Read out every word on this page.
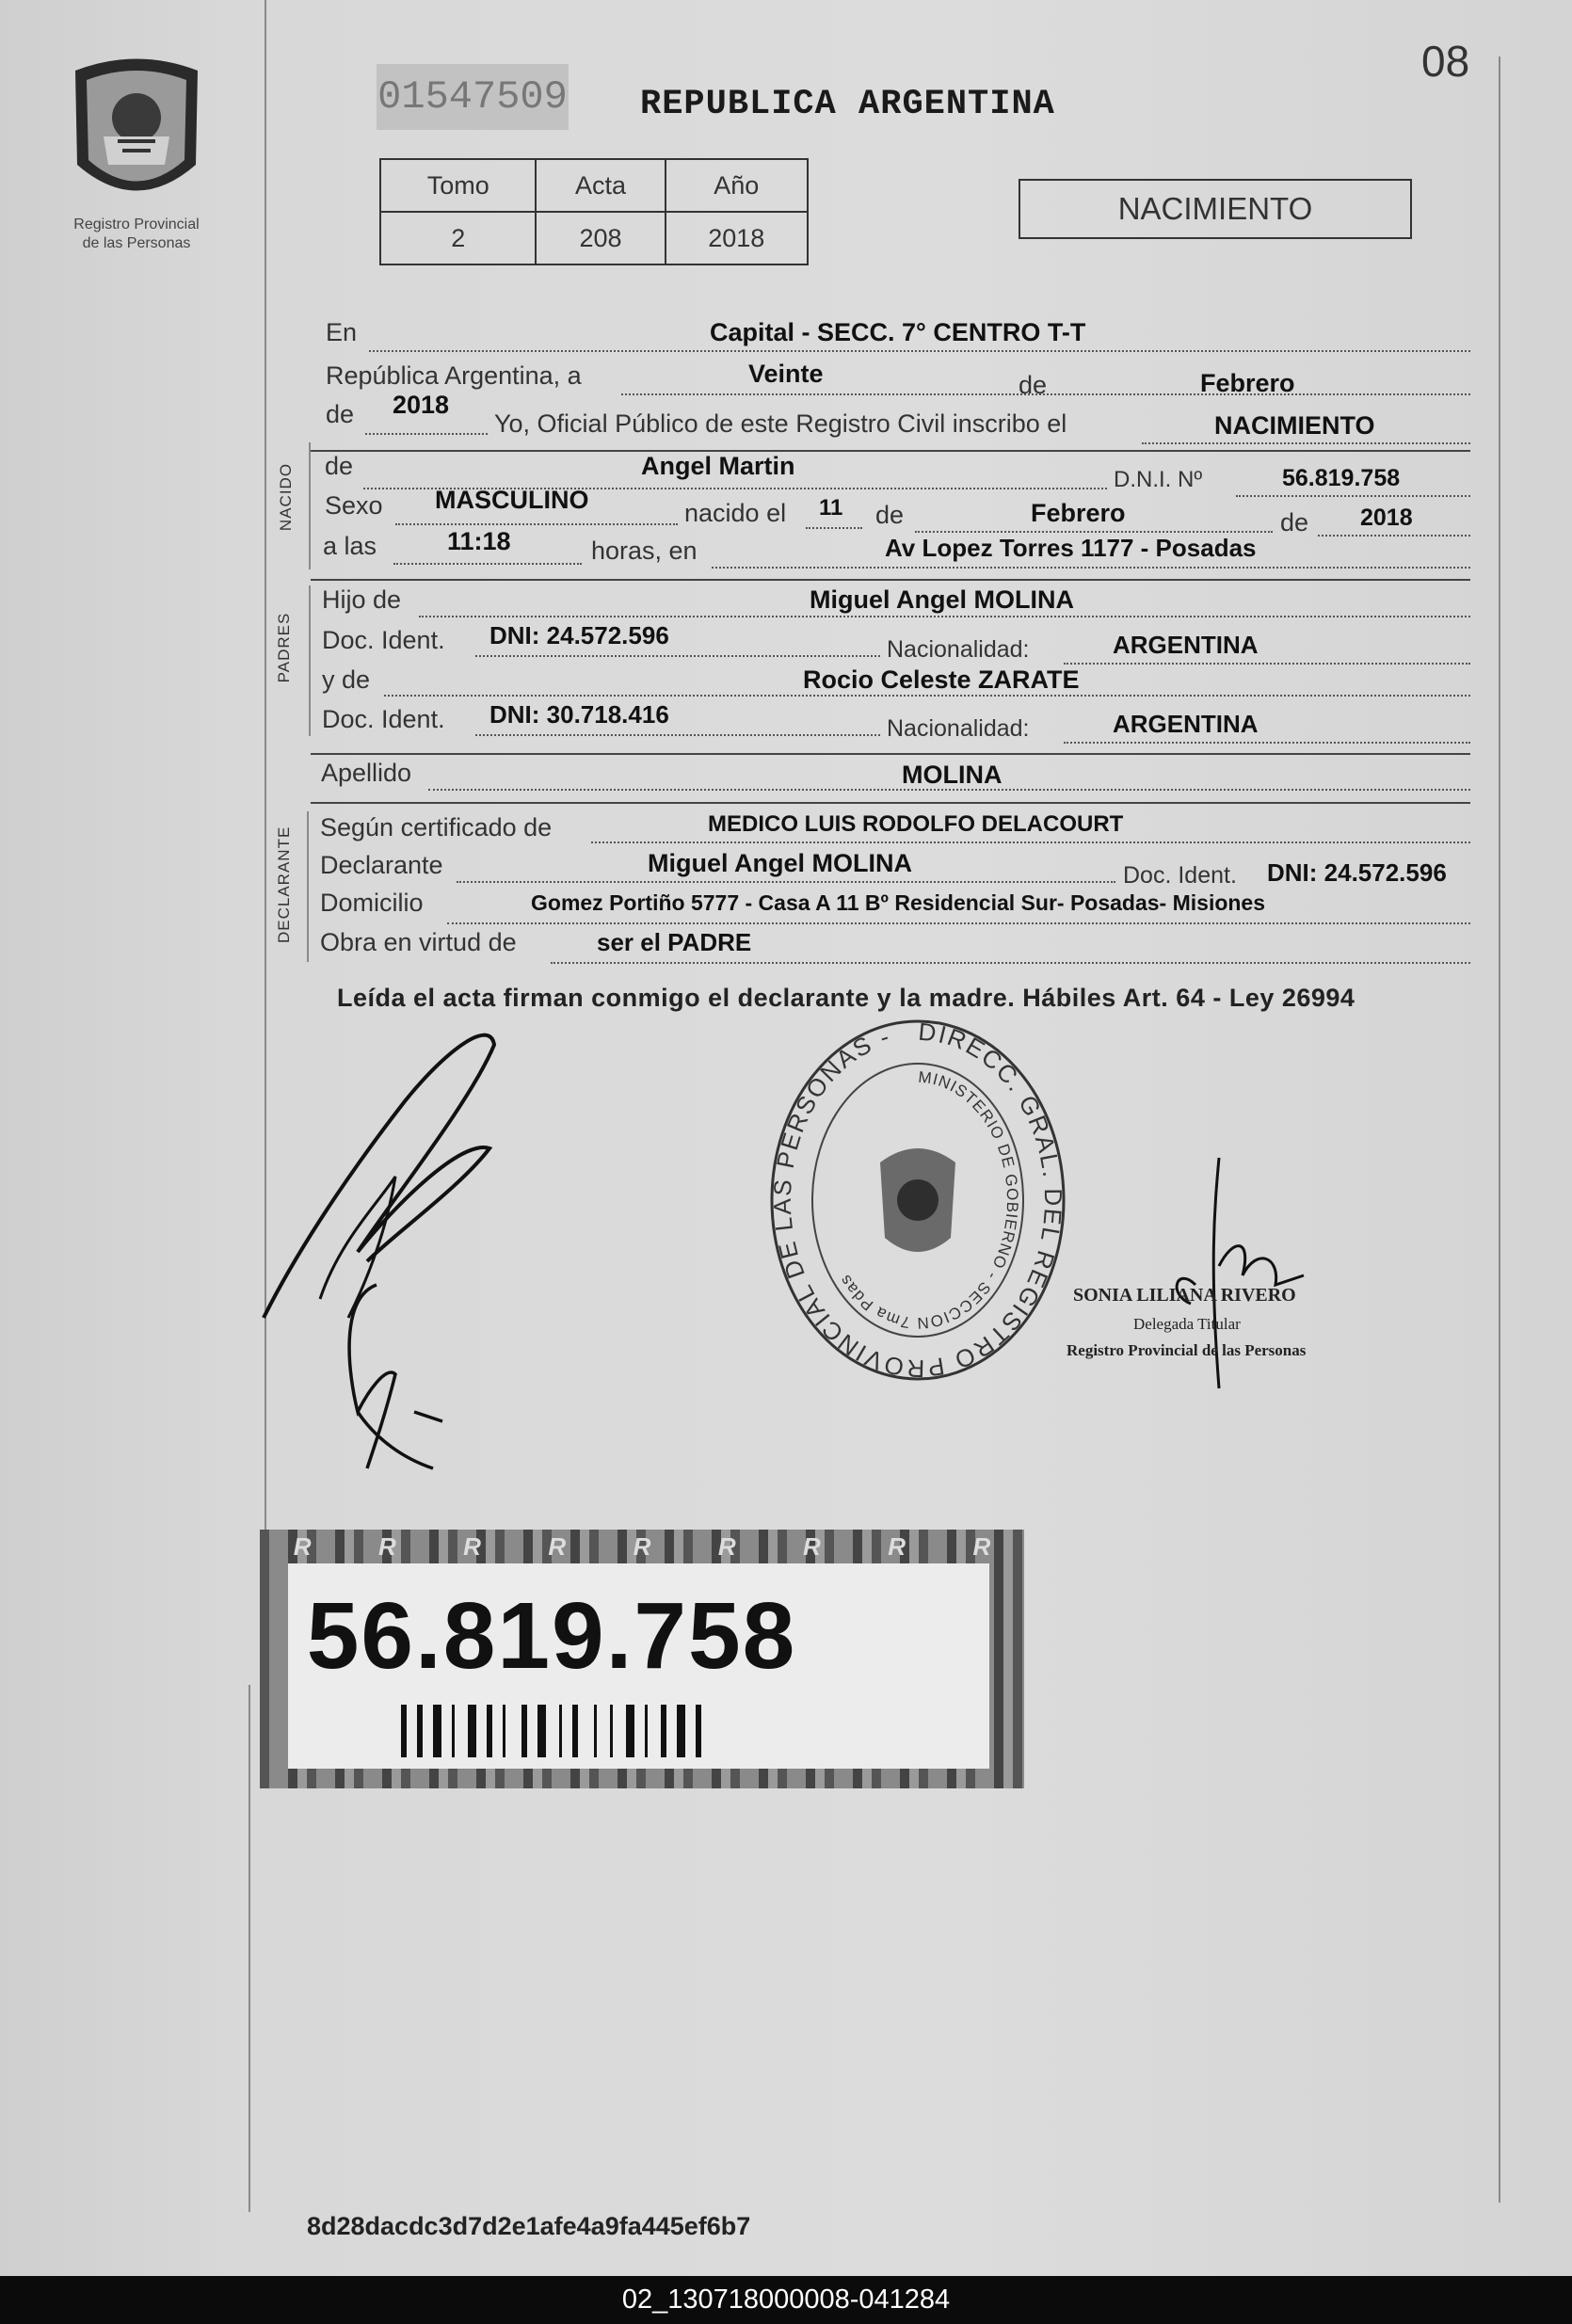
Registro Provincial
de las Personas
01547509 REPUBLICA ARGENTINA
08
Tomo	Acta	Año
2	208	2018
NACIMIENTO
En	Capital - SECC. 7° CENTRO T-T
República Argentina, a	Veinte	de	Febrero
de 2018
Yo, Oficial Público de este Registro Civil inscribo el	NACIMIENTO
NACIDO de	Angel Martin	D.N.I. Nº	56.819.758
Sexo MASCULINO	nacido el 11 de	Febrero	de 2018
a las	11:18	horas, en	Av Lopez Torres 1177 - Posadas
PADRES
Hijo de	Miguel Angel MOLINA
Doc. Ident. DNI: 24.572.596	Nacionalidad:	ARGENTINA
y de	Rocio Celeste ZARATE
Doc. Ident. DNI: 30.718.416	Nacionalidad:	ARGENTINA
Apellido	MOLINA
DECLARANTE Según certificado de	MEDICO LUIS RODOLFO DELACOURT
Declarante	Miguel Angel MOLINA	Doc. Ident. DNI: 24.572.596
Domicilio	Gomez Portiño 5777 - Casa A 11 Bº Residencial Sur- Posadas- Misiones
Obra en virtud de	ser el PADRE
Leída el acta firman conmigo el declarante y la madre. Hábiles Art. 64 - Ley 26994
DIRECC. GRAL. DEL REGISTRO PROVINCIAL DE LAS PERSONAS -
MINISTERIO DE GOBIERNO - SECCION 7ma Pdas
SONIA LILIANA RIVERO
Delegada Titular
Registro Provincial de las Personas
R	R	R	R	R	R	R	R	R
56.819.758
8d28dacdc3d7d2e1afe4a9fa445ef6b7
02_130718000008-041284
